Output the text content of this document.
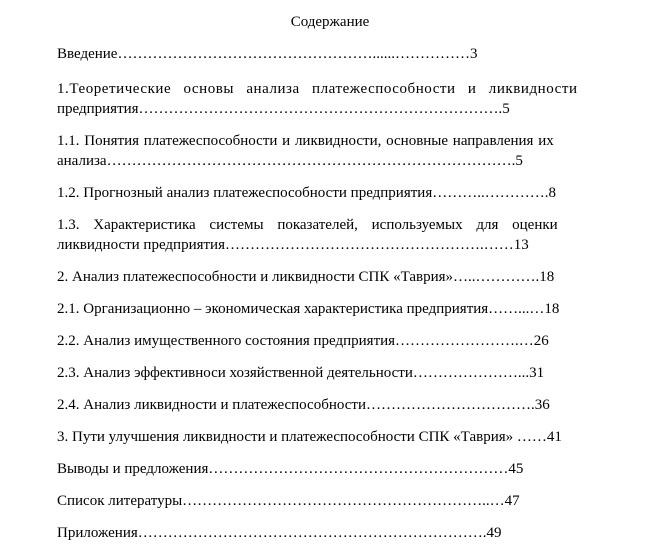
Содержание
Введение……………………………………………......……………3
1.Теоретические основы анализа платежеспособности и ликвидности
предприятия……………………………………………………………….5
1.1. Понятия платежеспособности и ликвидности, основные направления их
анализа……………………………………………………………………….5
1.2. Прогнозный анализ платежеспособности предприятия………..………….8
1.3. Характеристика системы показателей, используемых для оценки
ликвидности предприятия…………………………………………….……13
2. Анализ платежеспособности и ликвидности СПК «Таврия»…..………….18
2.1. Организационно – экономическая характеристика предприятия……...…18
2.2. Анализ имущественного состояния предприятия…………………….…26
2.3. Анализ эффективноси хозяйственной деятельности…………………...31
2.4. Анализ ликвидности и платежеспособности…………………………….36
3. Пути улучшения ликвидности и платежеспособности СПК «Таврия» ……41
Выводы и предложения……………………………………………………45
Список литературы……………………………………………………..…47
Приложения…………………………………………………………….49
